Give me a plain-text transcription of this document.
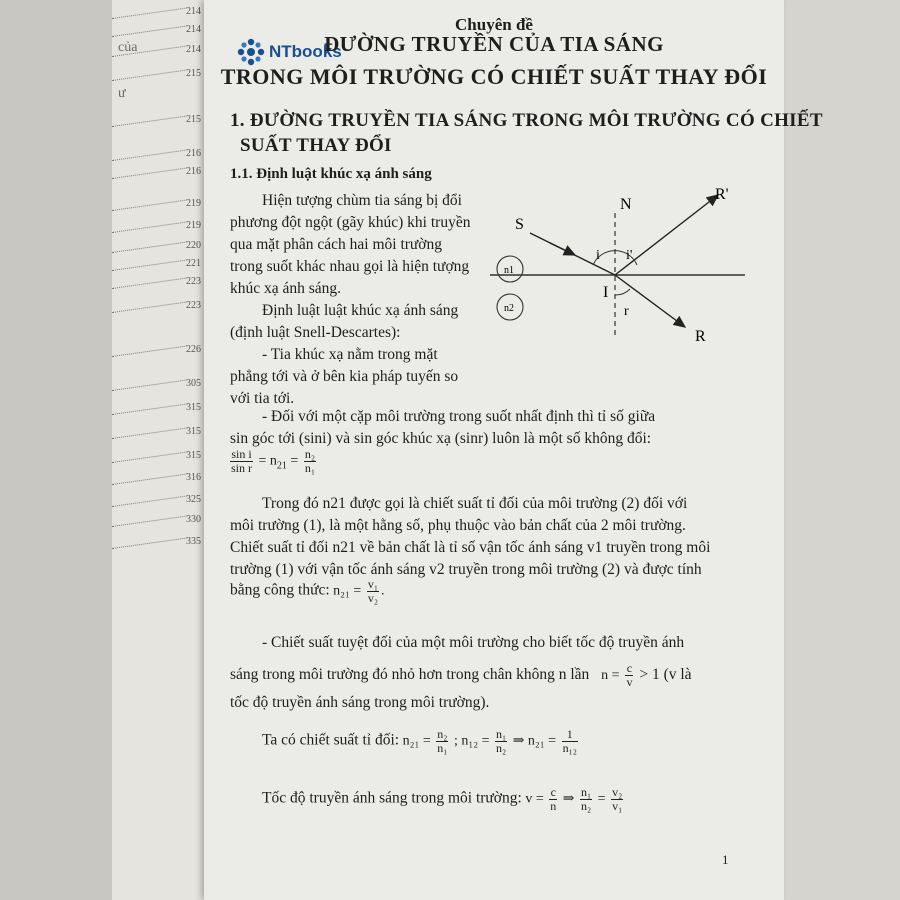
của
ư
214
214
214
215
215
216
216
219
219
220
221
223
223
226
305
315
315
315
316
325
330
335
NTbooks
Chuyên đề
ĐƯỜNG TRUYỀN CỦA TIA SÁNG
TRONG MÔI TRƯỜNG CÓ CHIẾT SUẤT THAY ĐỔI
1. ĐƯỜNG TRUYỀN TIA SÁNG TRONG MÔI TRƯỜNG CÓ CHIẾT
SUẤT THAY ĐỔI
1.1. Định luật khúc xạ ánh sáng
Hiện tượng chùm tia sáng bị đổi
phương đột ngột (gãy khúc) khi truyền
qua mặt phân cách hai môi trường
trong suốt khác nhau gọi là hiện tượng
khúc xạ ánh sáng.
Định luật luật khúc xạ ánh sáng
(định luật Snell-Descartes):
- Tia khúc xạ nằm trong mặt
phẳng tới và ở bên kia pháp tuyến so
với tia tới.
- Đối với một cặp môi trường trong suốt nhất định thì tỉ số giữa
sin góc tới (sini) và sin góc khúc xạ (sinr) luôn là một số không đổi:
$\frac{\text{sin i}}{\text{sin r}} = n_{21} = \frac{\text{n₂}}{\text{n₁}}$
Trong đó n21 được gọi là chiết suất tỉ đối của môi trường (2) đối với
môi trường (1), là một hằng số, phụ thuộc vào bản chất của 2 môi trường.
Chiết suất tỉ đối n21 về bản chất là tỉ số vận tốc ánh sáng v1 truyền trong môi
trường (1) với vận tốc ánh sáng v2 truyền trong môi trường (2) và được tính
bằng công thức: $n_{21} = \frac{\text{v₁}}{\text{v₂}}$ .
- Chiết suất tuyệt đối của một môi trường cho biết tốc độ truyền ánh
sáng trong môi trường đó nhỏ hơn trong chân không n lần $n = \frac{c}{v} > 1$ (v là
tốc độ truyền ánh sáng trong môi trường).
Ta có chiết suất tỉ đối: $n_{21} = \frac{\text{n₂}}{\text{n₁}}$ ; $n_{12} = \frac{\text{n₁}}{\text{n₂}}$ ⇒ $n_{21} = \frac{1}{\text{n₁₂}}$
Tốc độ truyền ánh sáng trong môi trường: $v = \frac{c}{n}$ ⇒ $\frac{\text{n₁}}{\text{n₂}} = \frac{\text{v₂}}{\text{v₁}}$
1
n1
n2
S
N
R'
R
I
i i'
r
